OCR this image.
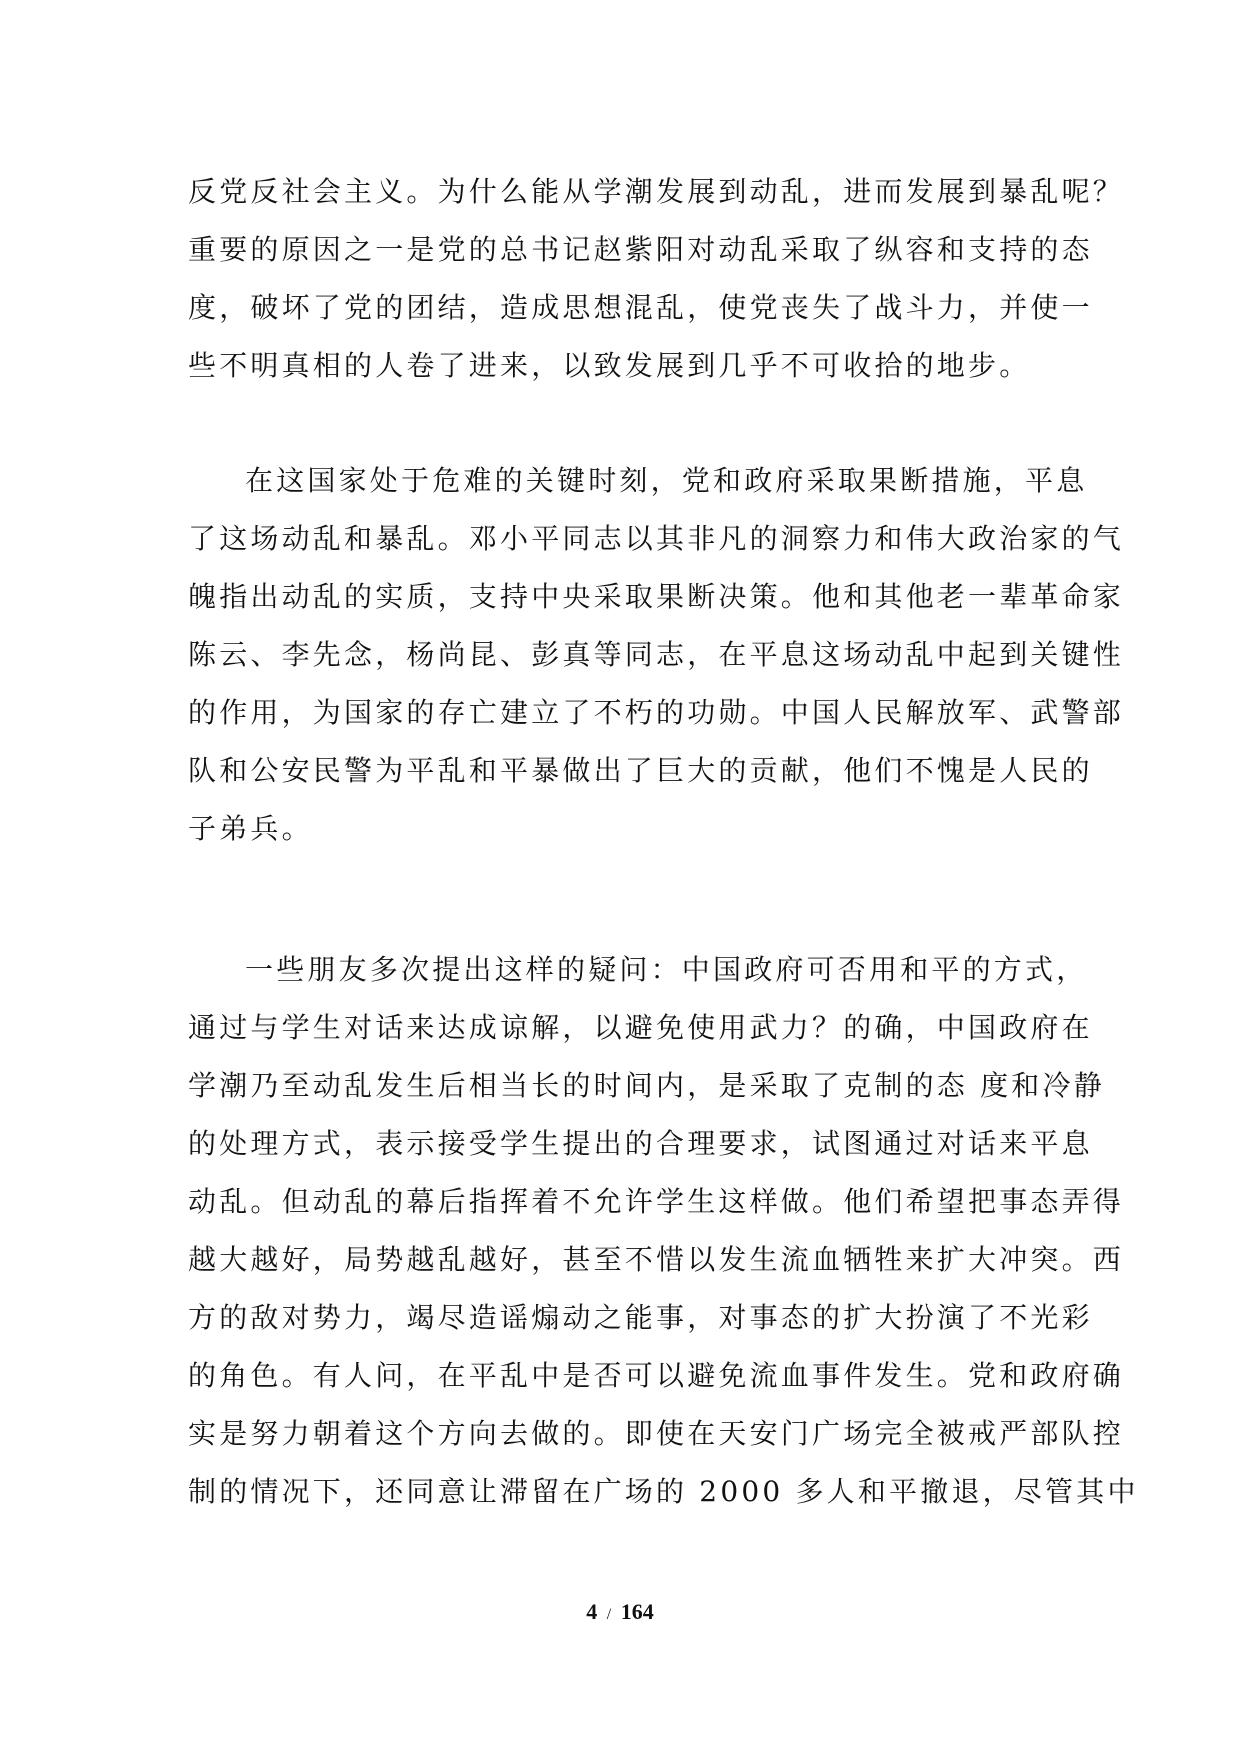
反党反社会主义。为什么能从学潮发展到动乱，进而发展到暴乱呢？
重要的原因之一是党的总书记赵紫阳对动乱采取了纵容和支持的态
度，破坏了党的团结，造成思想混乱，使党丧失了战斗力，并使一
些不明真相的人卷了进来，以致发展到几乎不可收拾的地步。
在这国家处于危难的关键时刻，党和政府采取果断措施，平息
了这场动乱和暴乱。邓小平同志以其非凡的洞察力和伟大政治家的气
魄指出动乱的实质，支持中央采取果断决策。他和其他老一辈革命家
陈云、李先念，杨尚昆、彭真等同志，在平息这场动乱中起到关键性
的作用，为国家的存亡建立了不朽的功勋。中国人民解放军、武警部
队和公安民警为平乱和平暴做出了巨大的贡献，他们不愧是人民的
子弟兵。
一些朋友多次提出这样的疑问：中国政府可否用和平的方式，
通过与学生对话来达成谅解，以避免使用武力？的确，中国政府在
学潮乃至动乱发生后相当长的时间内，是采取了克制的态 度和冷静
的处理方式，表示接受学生提出的合理要求，试图通过对话来平息
动乱。但动乱的幕后指挥着不允许学生这样做。他们希望把事态弄得
越大越好，局势越乱越好，甚至不惜以发生流血牺牲来扩大冲突。西
方的敌对势力，竭尽造谣煽动之能事，对事态的扩大扮演了不光彩
的角色。有人问，在平乱中是否可以避免流血事件发生。党和政府确
实是努力朝着这个方向去做的。即使在天安门广场完全被戒严部队控
制的情况下，还同意让滞留在广场的 2000 多人和平撤退，尽管其中
4 / 164
